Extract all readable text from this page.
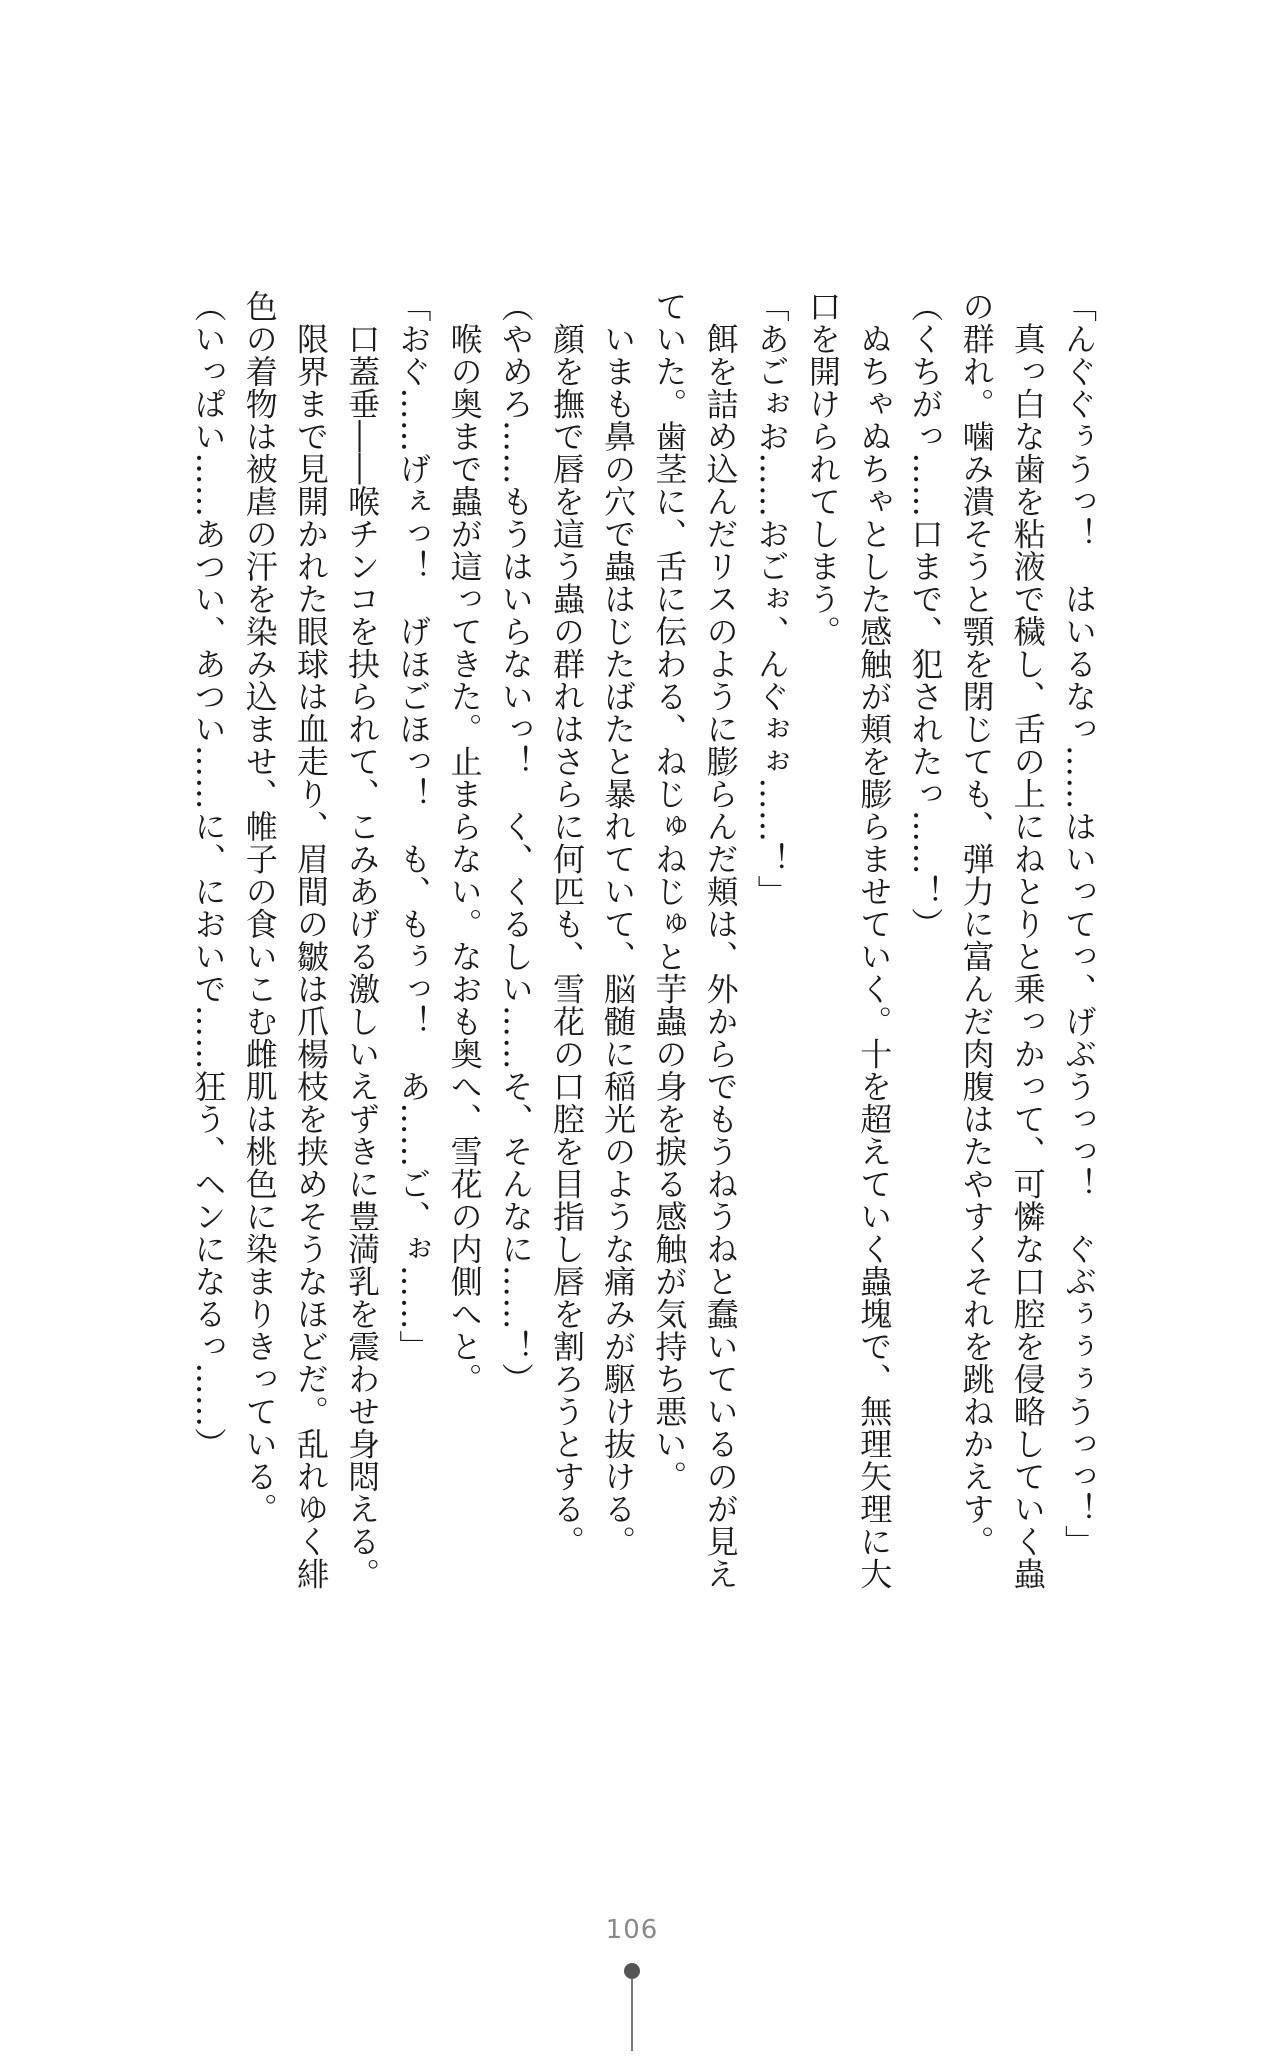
「んぐぐぅうっ！　はいるなっ……はいってっ、げぶうっっ！　ぐぶぅぅぅうっっ！」
　真っ白な歯を粘液で穢し、舌の上にねとりと乗っかって、可憐な口腔を侵略していく蟲
の群れ。噛み潰そうと顎を閉じても、弾力に富んだ肉腹はたやすくそれを跳ねかえす。
（くちがっ……口まで、犯されたっ……！）
　ぬちゃぬちゃとした感触が頬を膨らませていく。十を超えていく蟲塊で、無理矢理に大
口を開けられてしまう。
「あごぉお……おごぉ、んぐぉぉ……！」
　餌を詰め込んだリスのように膨らんだ頬は、外からでもうねうねと蠢いているのが見え
ていた。歯茎に、舌に伝わる、ねじゅねじゅと芋蟲の身を捩る感触が気持ち悪い。
　いまも鼻の穴で蟲はじたばたと暴れていて、脳髄に稲光のような痛みが駆け抜ける。
　顔を撫で唇を這う蟲の群れはさらに何匹も、雪花の口腔を目指し唇を割ろうとする。
（やめろ……もうはいらないっ！　く、くるしい……そ、そんなに……！）
　喉の奥まで蟲が這ってきた。止まらない。なおも奥へ、雪花の内側へと。
「おぐ……げぇっ！　げほごほっ！　も、もぅっ！　あ……ご、ぉ……」
　口蓋垂――喉チンコを抉られて、こみあげる激しいえずきに豊満乳を震わせ身悶える。
　限界まで見開かれた眼球は血走り、眉間の皺は爪楊枝を挟めそうなほどだ。乱れゆく緋
色の着物は被虐の汗を染み込ませ、帷子の食いこむ雌肌は桃色に染まりきっている。
（いっぱい……あつい、あつい……に、においで……狂う、ヘンになるっ……）
106
